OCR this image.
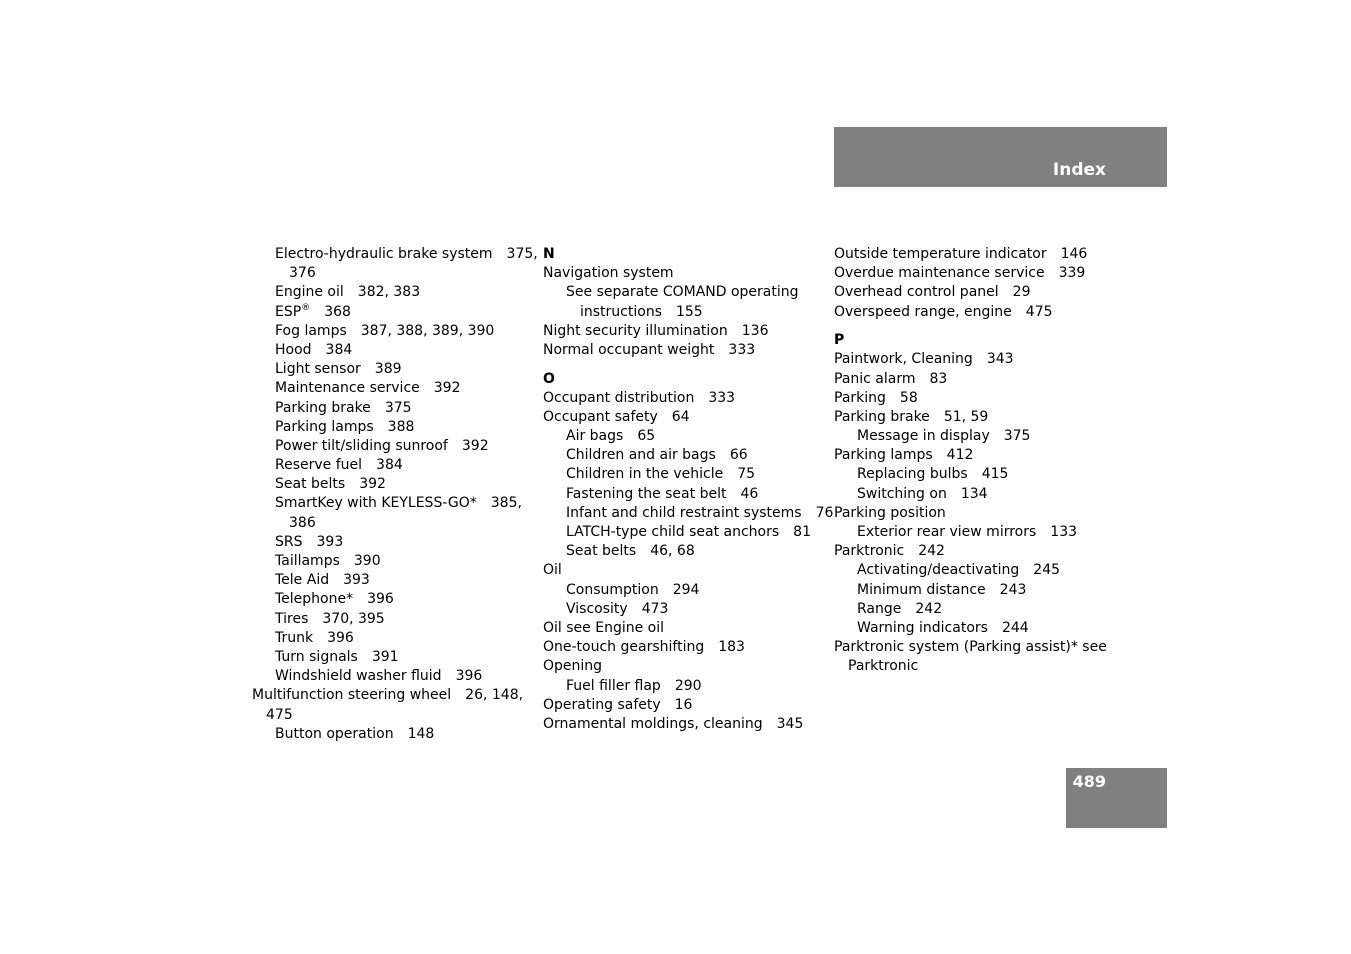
Index
Electro-hydraulic brake system 375,
376
Engine oil 382, 383
ESP® 368
Fog lamps 387, 388, 389, 390
Hood 384
Light sensor 389
Maintenance service 392
Parking brake 375
Parking lamps 388
Power tilt/sliding sunroof 392
Reserve fuel 384
Seat belts 392
SmartKey with KEYLESS-GO* 385,
386
SRS 393
Taillamps 390
Tele Aid 393
Telephone* 396
Tires 370, 395
Trunk 396
Turn signals 391
Windshield washer fluid 396
Multifunction steering wheel 26, 148,
475
Button operation 148
N
Navigation system
See separate COMAND operating
instructions 155
Night security illumination 136
Normal occupant weight 333
O
Occupant distribution 333
Occupant safety 64
Air bags 65
Children and air bags 66
Children in the vehicle 75
Fastening the seat belt 46
Infant and child restraint systems 76
LATCH-type child seat anchors 81
Seat belts 46, 68
Oil
Consumption 294
Viscosity 473
Oil see Engine oil
One-touch gearshifting 183
Opening
Fuel filler flap 290
Operating safety 16
Ornamental moldings, cleaning 345
Outside temperature indicator 146
Overdue maintenance service 339
Overhead control panel 29
Overspeed range, engine 475
P
Paintwork, Cleaning 343
Panic alarm 83
Parking 58
Parking brake 51, 59
Message in display 375
Parking lamps 412
Replacing bulbs 415
Switching on 134
Parking position
Exterior rear view mirrors 133
Parktronic 242
Activating/deactivating 245
Minimum distance 243
Range 242
Warning indicators 244
Parktronic system (Parking assist)* see
Parktronic
489
